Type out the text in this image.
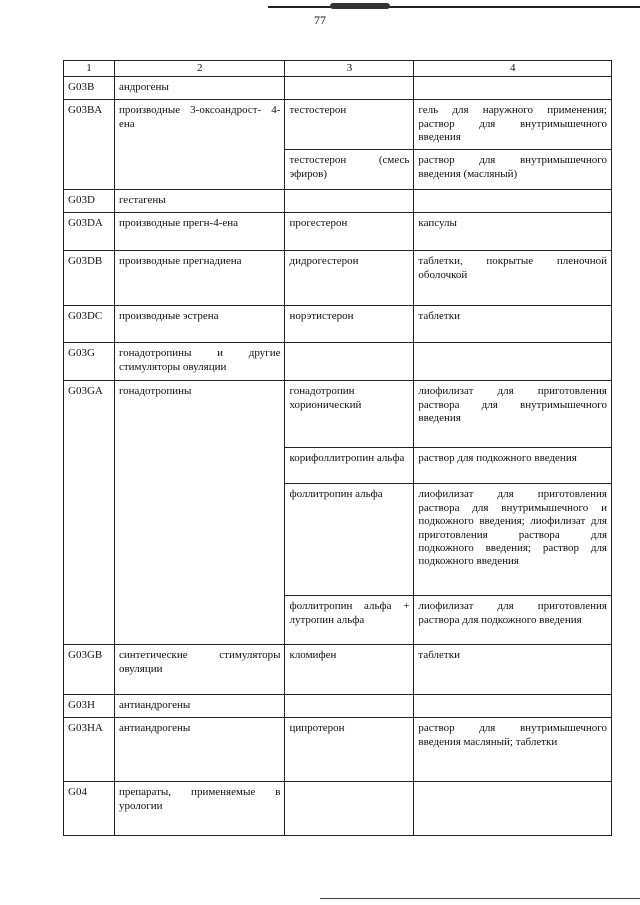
77
1	2	3	4
G03B	андрогены		
G03BA	производные 3-оксоандрост- 4-ена	тестостерон	гель для наружного применения; раствор для внутримышечного введения
		тестостерон (смесь эфиров)	раствор для внутримышечного введения (масляный)
G03D	гестагены		
G03DA	производные прегн-4-ена	прогестерон	капсулы
G03DB	производные прегнадиена	дидрогестерон	таблетки, покрытые пленочной оболочкой
G03DC	производные эстрена	норэтистерон	таблетки
G03G	гонадотропины и другие стимуляторы овуляции		
G03GA	гонадотропины	гонадотропин хорионический	лиофилизат для приготовления раствора для внутримышечного введения
		корифоллитропин альфа	раствор для подкожного введения
		фоллитропин альфа	лиофилизат для приготовления раствора для внутримышечного и подкожного введения; лиофилизат для приготовления раствора для подкожного введения; раствор для подкожного введения
		фоллитропин альфа + лутропин альфа	лиофилизат для приготовления раствора для подкожного введения
G03GB	синтетические стимуляторы овуляции	кломифен	таблетки
G03H	антиандрогены		
G03HA	антиандрогены	ципротерон	раствор для внутримышечного введения масляный; таблетки
G04	препараты, применяемые в урологии		
